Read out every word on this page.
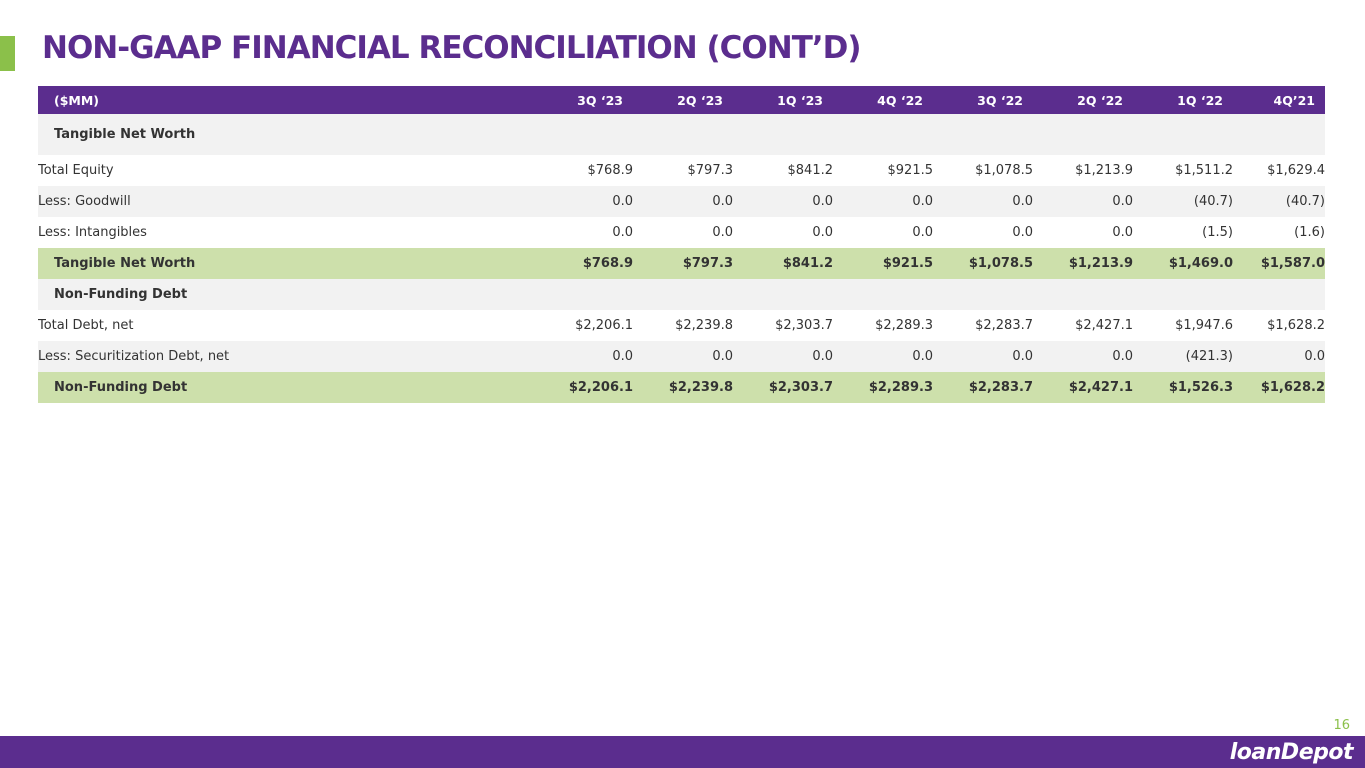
NON-GAAP FINANCIAL RECONCILIATION (CONT’D)
($MM)	3Q ‘23	2Q ‘23	1Q ‘23	4Q ‘22	3Q ‘22	2Q ‘22	1Q ‘22	4Q’21
Tangible Net Worth								
Total Equity	$768.9	$797.3	$841.2	$921.5	$1,078.5	$1,213.9	$1,511.2	$1,629.4
Less: Goodwill	0.0	0.0	0.0	0.0	0.0	0.0	(40.7)	(40.7)
Less: Intangibles	0.0	0.0	0.0	0.0	0.0	0.0	(1.5)	(1.6)
Tangible Net Worth	$768.9	$797.3	$841.2	$921.5	$1,078.5	$1,213.9	$1,469.0	$1,587.0
Non-Funding Debt								
Total Debt, net	$2,206.1	$2,239.8	$2,303.7	$2,289.3	$2,283.7	$2,427.1	$1,947.6	$1,628.2
Less: Securitization Debt, net	0.0	0.0	0.0	0.0	0.0	0.0	(421.3)	0.0
Non-Funding Debt	$2,206.1	$2,239.8	$2,303.7	$2,289.3	$2,283.7	$2,427.1	$1,526.3	$1,628.2
16
loanDepot
